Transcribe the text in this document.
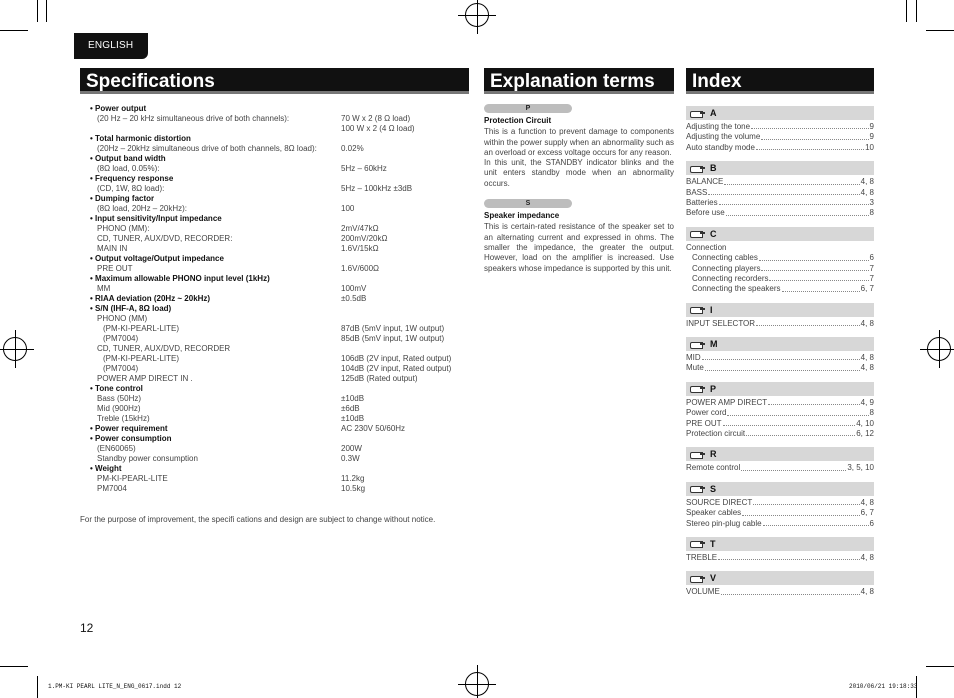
ENGLISH
Specifications	Explanation terms	Index
• Power output
(20 Hz – 20 kHz simultaneous drive of both channels):	70 W x 2 (8 Ω load)
100 W x 2 (4 Ω load)
• Total harmonic distortion
(20Hz – 20kHz simultaneous drive of both channels, 8Ω load):	0.02%
• Output band width
(8Ω load, 0.05%):	5Hz – 60kHz
• Frequency response
(CD, 1W, 8Ω load):	5Hz – 100kHz ±3dB
• Dumping factor
(8Ω load, 20Hz – 20kHz):	100
• Input sensitivity/Input impedance
PHONO (MM):	2mV/47kΩ
CD, TUNER, AUX/DVD, RECORDER:	200mV/20kΩ
MAIN IN	1.6V/15kΩ
• Output voltage/Output impedance
PRE OUT	1.6V/600Ω
• Maximum allowable PHONO input level (1kHz)
MM	100mV
• RIAA deviation (20Hz ~ 20kHz)	±0.5dB
• S/N (IHF-A, 8Ω load)
PHONO (MM)
(PM-KI-PEARL-LITE)	87dB (5mV input, 1W output)
(PM7004)	85dB (5mV input, 1W output)
CD, TUNER, AUX/DVD, RECORDER
(PM-KI-PEARL-LITE)	106dB (2V input, Rated output)
(PM7004)	104dB (2V input, Rated output)
POWER AMP DIRECT IN .	125dB (Rated output)
• Tone control
Bass (50Hz)	±10dB
Mid (900Hz)	±6dB
Treble (15kHz)	±10dB
• Power requirement	AC 230V 50/60Hz
• Power consumption
(EN60065)	200W
Standby power consumption	0.3W
• Weight
PM-KI-PEARL-LITE	11.2kg
PM7004	10.5kg
For the purpose of improvement, the specifi cations and design are subject to change without notice.
12
P
Protection Circuit

This is a function to prevent damage to components within the power supply when an abnormality such as an overload or excess voltage occurs for any reason.

In this unit, the STANDBY indicator blinks and the unit enters standby mode when an abnormality occurs.

S
Speaker impedance

This is certain-rated resistance of the speaker set to an alternating current and expressed in ohms. The smaller the impedance, the greater the output. However, load on the amplifier is increased. Use speakers whose impedance is supported by this unit.

A
Adjusting the tone	9
Adjusting the volume	9
Auto standby mode	10
B
BALANCE	4, 8
BASS	4, 8
Batteries	3
Before use	8
C
Connection
Connecting cables	6
Connecting players	7
Connecting recorders	7
Connecting the speakers	6, 7
I
INPUT SELECTOR	4, 8
M
MID	4, 8
Mute	4, 8
P
POWER AMP DIRECT	4, 9
Power cord	8
PRE OUT	4, 10
Protection circuit	6, 12
R
Remote control	3, 5, 10
S
SOURCE DIRECT	4, 8
Speaker cables	6, 7
Stereo pin-plug cable	6
T
TREBLE	4, 8
V
VOLUME	4, 8
1.PM-KI PEARL LITE_N_ENG_0617.indd 12	2010/06/21 19:18:33
